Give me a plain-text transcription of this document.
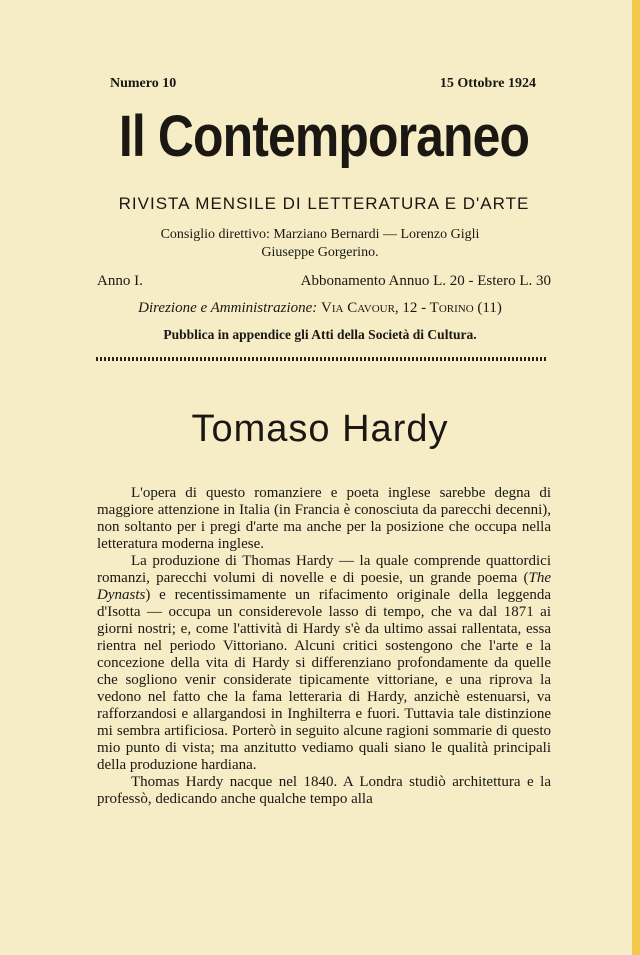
Numero 10	15 Ottobre 1924
Il Contemporaneo
RIVISTA MENSILE DI LETTERATURA E D'ARTE
Consiglio direttivo: Marziano Bernardi — Lorenzo Gigli
Giuseppe Gorgerino.
Anno I.	Abbonamento Annuo L. 20 - Estero L. 30
Direzione e Amministrazione: Via Cavour, 12 - Torino (11)
Pubblica in appendice gli Atti della Società di Cultura.
Tomaso Hardy

L'opera di questo romanziere e poeta inglese sarebbe degna di maggiore attenzione in Italia (in Francia è conosciuta da parecchi decenni), non soltanto per i pregi d'arte ma anche per la posizione che occupa nella letteratura moderna inglese.

La produzione di Thomas Hardy — la quale comprende quattordici romanzi, parecchi volumi di novelle e di poesie, un grande poema (The Dynasts) e recentissimamente un rifacimento originale della leggenda d'Isotta — occupa un considerevole lasso di tempo, che va dal 1871 ai giorni nostri; e, come l'attività di Hardy s'è da ultimo assai rallentata, essa rientra nel periodo Vittoriano. Alcuni critici sostengono che l'arte e la concezione della vita di Hardy si differenziano profondamente da quelle che sogliono venir considerate tipicamente vittoriane, e una riprova la vedono nel fatto che la fama letteraria di Hardy, anzichè estenuarsi, va rafforzandosi e allargandosi in Inghilterra e fuori. Tuttavia tale distinzione mi sembra artificiosa. Porterò in seguito alcune ragioni sommarie di questo mio punto di vista; ma anzitutto vediamo quali siano le qualità principali della produzione hardiana.

Thomas Hardy nacque nel 1840. A Londra studiò architettura e la professò, dedicando anche qualche tempo alla
